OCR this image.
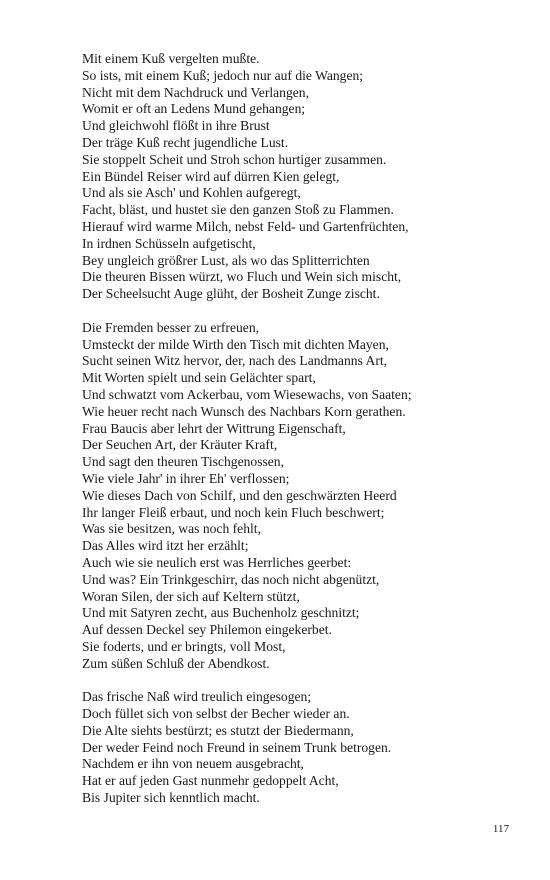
Mit einem Kuß vergelten mußte.
So ists, mit einem Kuß; jedoch nur auf die Wangen;
Nicht mit dem Nachdruck und Verlangen,
Womit er oft an Ledens Mund gehangen;
Und gleichwohl flößt in ihre Brust
Der träge Kuß recht jugendliche Lust.
Sie stoppelt Scheit und Stroh schon hurtiger zusammen.
Ein Bündel Reiser wird auf dürren Kien gelegt,
Und als sie Asch' und Kohlen aufgeregt,
Facht, bläst, und hustet sie den ganzen Stoß zu Flammen.
Hierauf wird warme Milch, nebst Feld- und Gartenfrüchten,
In irdnen Schüsseln aufgetischt,
Bey ungleich größrer Lust, als wo das Splitterrichten
Die theuren Bissen würzt, wo Fluch und Wein sich mischt,
Der Scheelsucht Auge glüht, der Bosheit Zunge zischt.
Die Fremden besser zu erfreuen,
Umsteckt der milde Wirth den Tisch mit dichten Mayen,
Sucht seinen Witz hervor, der, nach des Landmanns Art,
Mit Worten spielt und sein Gelächter spart,
Und schwatzt vom Ackerbau, vom Wiesewachs, von Saaten;
Wie heuer recht nach Wunsch des Nachbars Korn gerathen.
Frau Baucis aber lehrt der Wittrung Eigenschaft,
Der Seuchen Art, der Kräuter Kraft,
Und sagt den theuren Tischgenossen,
Wie viele Jahr' in ihrer Eh' verflossen;
Wie dieses Dach von Schilf, und den geschwärzten Heerd
Ihr langer Fleiß erbaut, und noch kein Fluch beschwert;
Was sie besitzen, was noch fehlt,
Das Alles wird itzt her erzählt;
Auch wie sie neulich erst was Herrliches geerbet:
Und was? Ein Trinkgeschirr, das noch nicht abgenützt,
Woran Silen, der sich auf Keltern stützt,
Und mit Satyren zecht, aus Buchenholz geschnitzt;
Auf dessen Deckel sey Philemon eingekerbet.
Sie foderts, und er bringts, voll Most,
Zum süßen Schluß der Abendkost.
Das frische Naß wird treulich eingesogen;
Doch füllet sich von selbst der Becher wieder an.
Die Alte siehts bestürzt; es stutzt der Biedermann,
Der weder Feind noch Freund in seinem Trunk betrogen.
Nachdem er ihn von neuem ausgebracht,
Hat er auf jeden Gast nunmehr gedoppelt Acht,
Bis Jupiter sich kenntlich macht.
117
